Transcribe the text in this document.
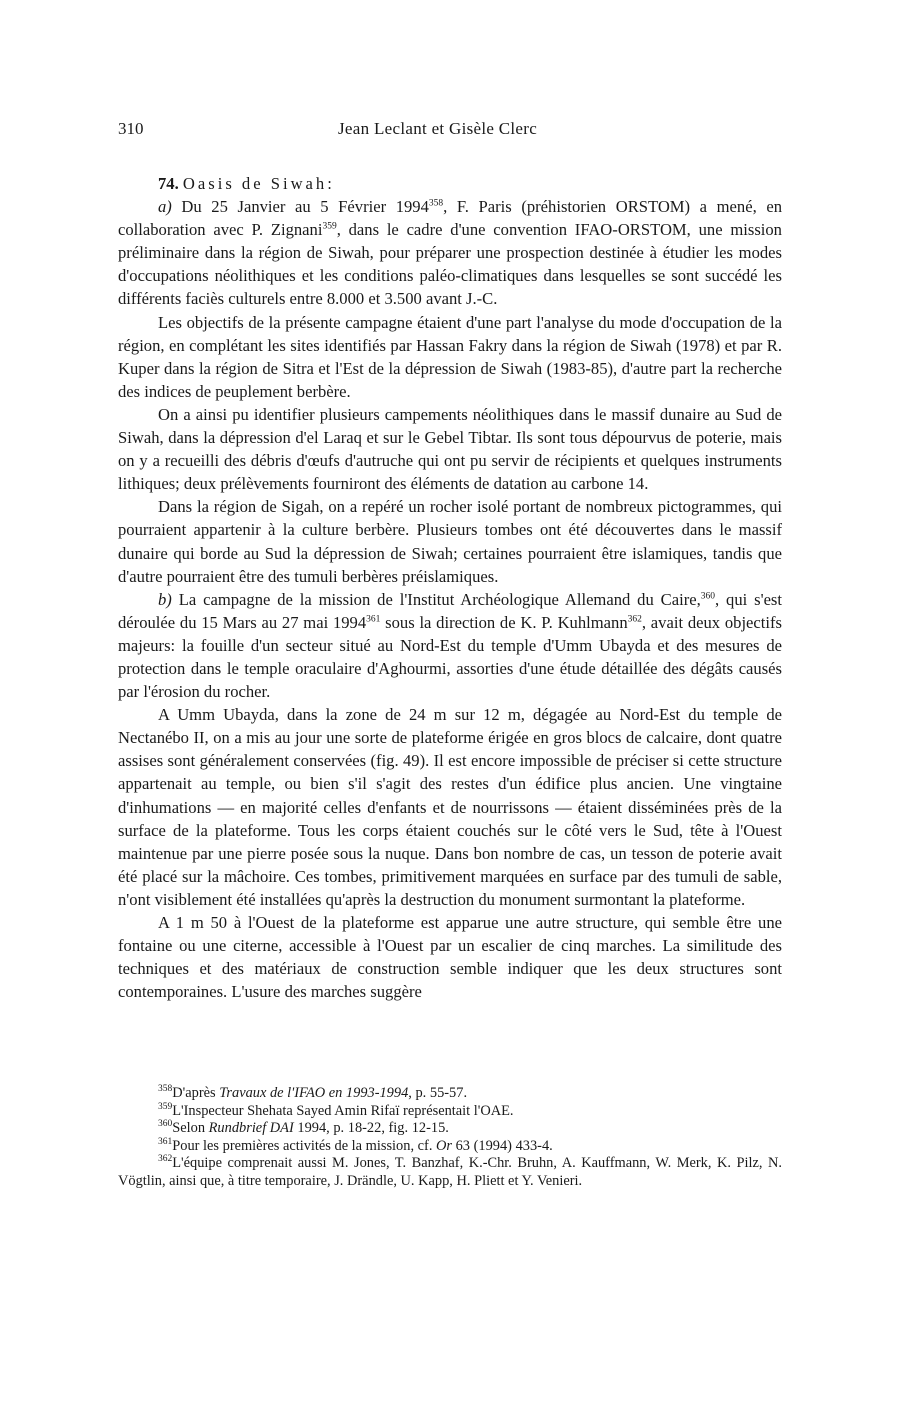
310	Jean Leclant et Gisèle Clerc

74. Oasis de Siwah:

a) Du 25 Janvier au 5 Février 1994$^{358}$, F. Paris (préhistorien ORSTOM) a mené, en collaboration avec P. Zignani$^{359}$, dans le cadre d'une convention IFAO-ORSTOM, une mission préliminaire dans la région de Siwah, pour préparer une prospection destinée à étudier les modes d'occupations néolithiques et les conditions paléo-climatiques dans lesquelles se sont succédé les différents faciès culturels entre 8.000 et 3.500 avant J.-C.

Les objectifs de la présente campagne étaient d'une part l'analyse du mode d'occupation de la région, en complétant les sites identifiés par Hassan Fakry dans la région de Siwah (1978) et par R. Kuper dans la région de Sitra et l'Est de la dépression de Siwah (1983-85), d'autre part la recherche des indices de peuplement berbère.

On a ainsi pu identifier plusieurs campements néolithiques dans le massif dunaire au Sud de Siwah, dans la dépression d'el Laraq et sur le Gebel Tibtar. Ils sont tous dépourvus de poterie, mais on y a recueilli des débris d'œufs d'autruche qui ont pu servir de récipients et quelques instruments lithiques; deux prélèvements fourniront des éléments de datation au carbone 14.

Dans la région de Sigah, on a repéré un rocher isolé portant de nombreux pictogrammes, qui pourraient appartenir à la culture berbère. Plusieurs tombes ont été découvertes dans le massif dunaire qui borde au Sud la dépression de Siwah; certaines pourraient être islamiques, tandis que d'autre pourraient être des tumuli berbères préislamiques.

b) La campagne de la mission de l'Institut Archéologique Allemand du Caire,$^{360}$, qui s'est déroulée du 15 Mars au 27 mai 1994$^{361}$ sous la direction de K. P. Kuhlmann$^{362}$, avait deux objectifs majeurs: la fouille d'un secteur situé au Nord-Est du temple d'Umm Ubayda et des mesures de protection dans le temple oraculaire d'Aghourmi, assorties d'une étude détaillée des dégâts causés par l'érosion du rocher.

A Umm Ubayda, dans la zone de 24 m sur 12 m, dégagée au Nord-Est du temple de Nectanébo II, on a mis au jour une sorte de plateforme érigée en gros blocs de calcaire, dont quatre assises sont généralement conservées (fig. 49). Il est encore impossible de préciser si cette structure appartenait au temple, ou bien s'il s'agit des restes d'un édifice plus ancien. Une vingtaine d'inhumations — en majorité celles d'enfants et de nourrissons — étaient disséminées près de la surface de la plateforme. Tous les corps étaient couchés sur le côté vers le Sud, tête à l'Ouest maintenue par une pierre posée sous la nuque. Dans bon nombre de cas, un tesson de poterie avait été placé sur la mâchoire. Ces tombes, primitivement marquées en surface par des tumuli de sable, n'ont visiblement été installées qu'après la destruction du monument surmontant la plateforme.

A 1 m 50 à l'Ouest de la plateforme est apparue une autre structure, qui semble être une fontaine ou une citerne, accessible à l'Ouest par un escalier de cinq marches. La similitude des techniques et des matériaux de construction semble indiquer que les deux structures sont contemporaines. L'usure des marches suggère

$^{358}$D'après Travaux de l'IFAO en 1993-1994, p. 55-57.

$^{359}$L'Inspecteur Shehata Sayed Amin Rifaï représentait l'OAE.

$^{360}$Selon Rundbrief DAI 1994, p. 18-22, fig. 12-15.

$^{361}$Pour les premières activités de la mission, cf. Or 63 (1994) 433-4.

$^{362}$L'équipe comprenait aussi M. Jones, T. Banzhaf, K.-Chr. Bruhn, A. Kauffmann, W. Merk, K. Pilz, N. Vögtlin, ainsi que, à titre temporaire, J. Drändle, U. Kapp, H. Pliett et Y. Venieri.
